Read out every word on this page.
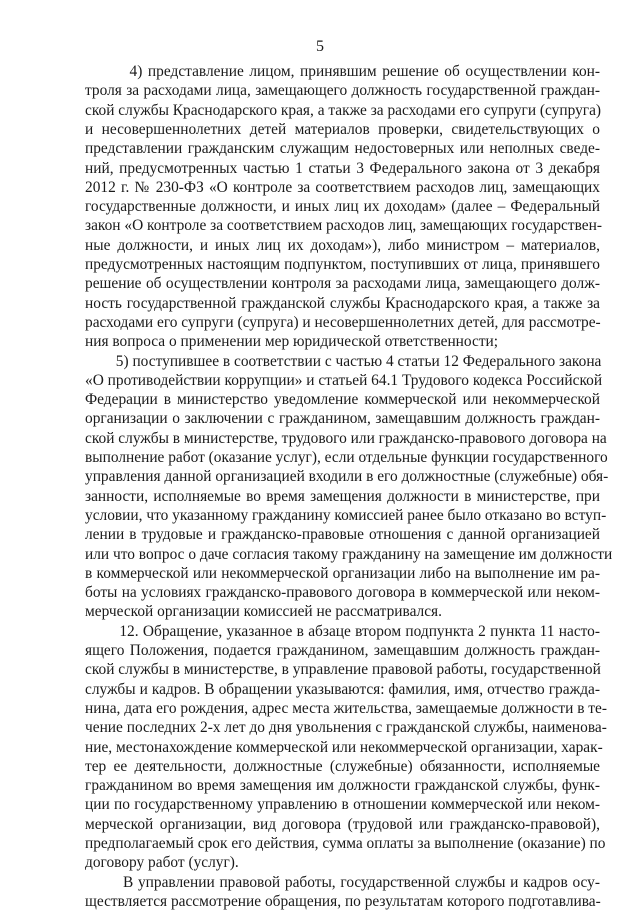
5
4) представление лицом, принявшим решение об осуществлении кон-
троля за расходами лица, замещающего должность государственной граждан-
ской службы Краснодарского края, а также за расходами его супруги (супруга)
и несовершеннолетних детей материалов проверки, свидетельствующих о
представлении гражданским служащим недостоверных или неполных сведе-
ний, предусмотренных частью 1 статьи 3 Федерального закона от 3 декабря
2012 г. № 230-ФЗ «О контроле за соответствием расходов лиц, замещающих
государственные должности, и иных лиц их доходам» (далее – Федеральный
закон «О контроле за соответствием расходов лиц, замещающих государствен-
ные должности, и иных лиц их доходам»), либо министром – материалов,
предусмотренных настоящим подпунктом, поступивших от лица, принявшего
решение об осуществлении контроля за расходами лица, замещающего долж-
ность государственной гражданской службы Краснодарского края, а также за
расходами его супруги (супруга) и несовершеннолетних детей, для рассмотре-
ния вопроса о применении мер юридической ответственности;
5) поступившее в соответствии с частью 4 статьи 12 Федерального закона
«О противодействии коррупции» и статьей 64.1 Трудового кодекса Российской
Федерации в министерство уведомление коммерческой или некоммерческой
организации о заключении с гражданином, замещавшим должность граждан-
ской службы в министерстве, трудового или гражданско-правового договора на
выполнение работ (оказание услуг), если отдельные функции государственного
управления данной организацией входили в его должностные (служебные) обя-
занности, исполняемые во время замещения должности в министерстве, при
условии, что указанному гражданину комиссией ранее было отказано во вступ-
лении в трудовые и гражданско-правовые отношения с данной организацией
или что вопрос о даче согласия такому гражданину на замещение им должности
в коммерческой или некоммерческой организации либо на выполнение им ра-
боты на условиях гражданско-правового договора в коммерческой или неком-
мерческой организации комиссией не рассматривался.
12. Обращение, указанное в абзаце втором подпункта 2 пункта 11 насто-
ящего Положения, подается гражданином, замещавшим должность граждан-
ской службы в министерстве, в управление правовой работы, государственной
службы и кадров. В обращении указываются: фамилия, имя, отчество гражда-
нина, дата его рождения, адрес места жительства, замещаемые должности в те-
чение последних 2-х лет до дня увольнения с гражданской службы, наименова-
ние, местонахождение коммерческой или некоммерческой организации, харак-
тер ее деятельности, должностные (служебные) обязанности, исполняемые
гражданином во время замещения им должности гражданской службы, функ-
ции по государственному управлению в отношении коммерческой или неком-
мерческой организации, вид договора (трудовой или гражданско-правовой),
предполагаемый срок его действия, сумма оплаты за выполнение (оказание) по
договору работ (услуг).
В управлении правовой работы, государственной службы и кадров осу-
ществляется рассмотрение обращения, по результатам которого подготавлива-
